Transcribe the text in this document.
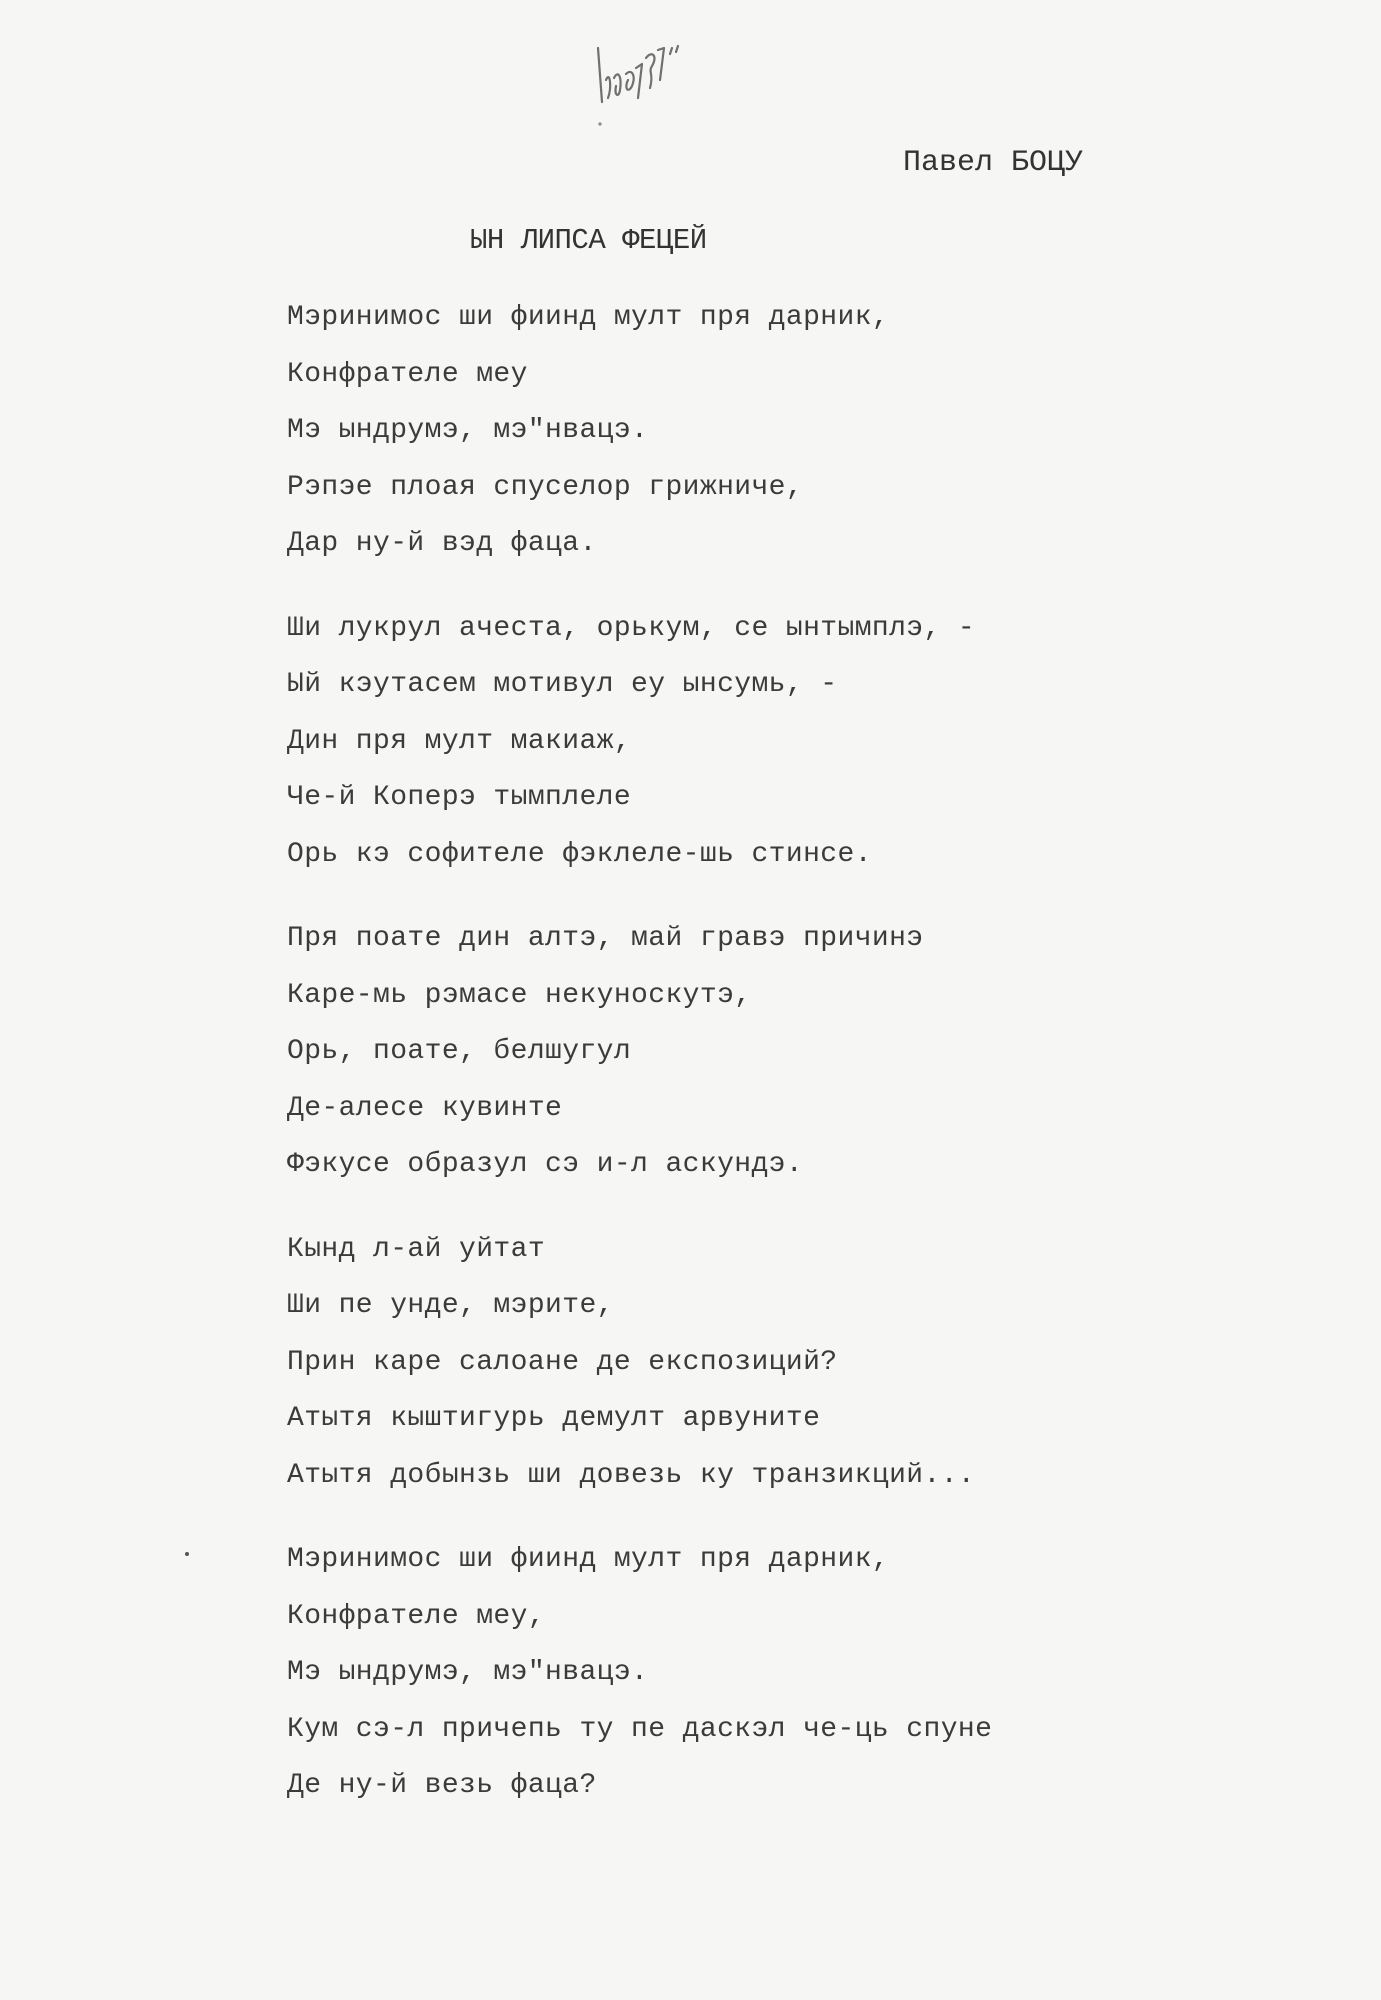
Павел БОЦУ
ЫН ЛИПСА ФЕЦЕЙ
Мэринимос ши фиинд мулт пря дарник,
Конфрателе меу
Мэ ындрумэ, мэ"нвацэ.
Рэпэе плоая спуселор грижниче,
Дар ну-й вэд фаца.
Ши лукрул ачеста, орькум, се ынтымплэ, -
Ый кэутасем мотивул еу ынсумь, -
Дин пря мулт макиаж,
Че-й Коперэ тымплеле
Орь кэ софителе фэклеле-шь стинсе.
Пря поате дин алтэ, май гравэ причинэ
Каре-мь рэмасе некуноскутэ,
Орь, поате, белшугул
Де-алесе кувинте
Фэкусе образул сэ и-л аскундэ.
Кынд л-ай уйтат
Ши пе унде, мэрите,
Прин каре салоане де експозиций?
Атытя кыштигурь демулт арвуните
Атытя добынзь ши довезь ку транзикций...
Мэринимос ши фиинд мулт пря дарник,
Конфрателе меу,
Мэ ындрумэ, мэ"нвацэ.
Кум сэ-л причепь ту пе даскэл че-ць спуне
Де ну-й везь фаца?
